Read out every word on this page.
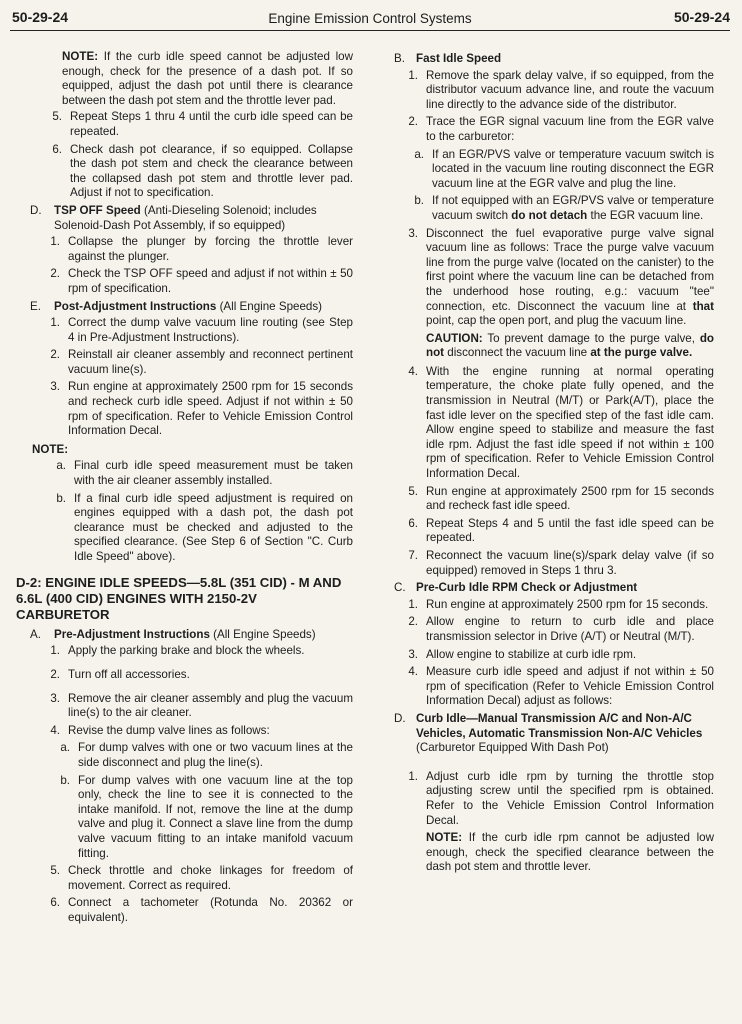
50-29-24	Engine Emission Control Systems	50-29-24

NOTE: If the curb idle speed cannot be adjusted low enough, check for the presence of a dash pot. If so equipped, adjust the dash pot until there is clearance between the dash pot stem and the throttle lever pad.

5. Repeat Steps 1 thru 4 until the curb idle speed can be repeated.
6. Check dash pot clearance, if so equipped. Collapse the dash pot stem and check the clearance between the collapsed dash pot stem and throttle lever pad. Adjust if not to specification.
D.	TSP OFF Speed (Anti-Dieseling Solenoid; includes Solenoid-Dash Pot Assembly, if so equipped)
1. Collapse the plunger by forcing the throttle lever against the plunger.
2. Check the TSP OFF speed and adjust if not within ± 50 rpm of specification.
E.	Post-Adjustment Instructions (All Engine Speeds)
1. Correct the dump valve vacuum line routing (see Step 4 in Pre-Adjustment Instructions).
2. Reinstall air cleaner assembly and reconnect pertinent vacuum line(s).
3. Run engine at approximately 2500 rpm for 15 seconds and recheck curb idle speed. Adjust if not within ± 50 rpm of specification. Refer to Vehicle Emission Control Information Decal.
NOTE:
a. Final curb idle speed measurement must be taken with the air cleaner assembly installed.
b. If a final curb idle speed adjustment is required on engines equipped with a dash pot, the dash pot clearance must be checked and adjusted to the specified clearance. (See Step 6 of Section "C. Curb Idle Speed" above).
D-2: ENGINE IDLE SPEEDS—5.8L (351 CID) - M AND 6.6L (400 CID) ENGINES WITH 2150-2V CARBURETOR
A.	Pre-Adjustment Instructions (All Engine Speeds)
1. Apply the parking brake and block the wheels.
2. Turn off all accessories.
3. Remove the air cleaner assembly and plug the vacuum line(s) to the air cleaner.
4. Revise the dump valve lines as follows:
a. For dump valves with one or two vacuum lines at the side disconnect and plug the line(s).
b. For dump valves with one vacuum line at the top only, check the line to see it is connected to the intake manifold. If not, remove the line at the dump valve and plug it. Connect a slave line from the dump valve vacuum fitting to an intake manifold vacuum fitting.
5. Check throttle and choke linkages for freedom of movement. Correct as required.
6. Connect a tachometer (Rotunda No. 20362 or equivalent).
B. Fast Idle Speed
1. Remove the spark delay valve, if so equipped, from the distributor vacuum advance line, and route the vacuum line directly to the advance side of the distributor.
2. Trace the EGR signal vacuum line from the EGR valve to the carburetor:
a. If an EGR/PVS valve or temperature vacuum switch is located in the vacuum line routing disconnect the EGR vacuum line at the EGR valve and plug the line.
b. If not equipped with an EGR/PVS valve or temperature vacuum switch do not detach the EGR vacuum line.
3. Disconnect the fuel evaporative purge valve signal vacuum line as follows: Trace the purge valve vacuum line from the purge valve (located on the canister) to the first point where the vacuum line can be detached from the underhood hose routing, e.g.: vacuum "tee" connection, etc. Disconnect the vacuum line at that point, cap the open port, and plug the vacuum line.

CAUTION: To prevent damage to the purge valve, do not disconnect the vacuum line at the purge valve.

4. With the engine running at normal operating temperature, the choke plate fully opened, and the transmission in Neutral (M/T) or Park(A/T), place the fast idle lever on the specified step of the fast idle cam. Allow engine speed to stabilize and measure the fast idle rpm. Adjust the fast idle speed if not within ± 100 rpm of specification. Refer to Vehicle Emission Control Information Decal.
5. Run engine at approximately 2500 rpm for 15 seconds and recheck fast idle speed.
6. Repeat Steps 4 and 5 until the fast idle speed can be repeated.
7. Reconnect the vacuum line(s)/spark delay valve (if so equipped) removed in Steps 1 thru 3.
C. Pre-Curb Idle RPM Check or Adjustment
1. Run engine at approximately 2500 rpm for 15 seconds.
2. Allow engine to return to curb idle and place transmission selector in Drive (A/T) or Neutral (M/T).
3. Allow engine to stabilize at curb idle rpm.
4. Measure curb idle speed and adjust if not within ± 50 rpm of specification (Refer to Vehicle Emission Control Information Decal) adjust as follows:
D. Curb Idle—Manual Transmission A/C and Non-A/C Vehicles, Automatic Transmission Non-A/C Vehicles (Carburetor Equipped With Dash Pot)
1. Adjust curb idle rpm by turning the throttle stop adjusting screw until the specified rpm is obtained. Refer to the Vehicle Emission Control Information Decal.

NOTE: If the curb idle rpm cannot be adjusted low enough, check the specified clearance between the dash pot stem and throttle lever.
